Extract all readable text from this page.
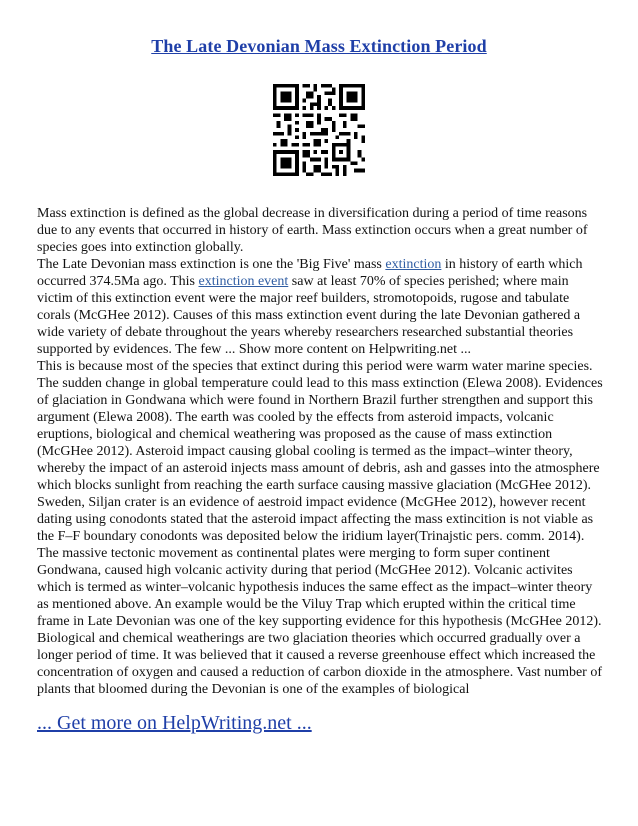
The Late Devonian Mass Extinction Period

Mass extinction is defined as the global decrease in diversification during a period of time reasons due to any events that occurred in history of earth. Mass extinction occurs when a great number of species goes into extinction globally.

The Late Devonian mass extinction is one the 'Big Five' mass extinction in history of earth which occurred 374.5Ma ago. This extinction event saw at least 70% of species perished; where main victim of this extinction event were the major reef builders, stromotopoids, rugose and tabulate corals (McGHee 2012). Causes of this mass extinction event during the late Devonian gathered a wide variety of debate throughout the years whereby researchers researched substantial theories supported by evidences. The few ... Show more content on Helpwriting.net ...

This is because most of the species that extinct during this period were warm water marine species. The sudden change in global temperature could lead to this mass extinction (Elewa 2008). Evidences of glaciation in Gondwana which were found in Northern Brazil further strengthen and support this argument (Elewa 2008). The earth was cooled by the effects from asteroid impacts, volcanic eruptions, biological and chemical weathering was proposed as the cause of mass extinction (McGHee 2012). Asteroid impact causing global cooling is termed as the impact–winter theory, whereby the impact of an asteroid injects mass amount of debris, ash and gasses into the atmosphere which blocks sunlight from reaching the earth surface causing massive glaciation (McGHee 2012). Sweden, Siljan crater is an evidence of aestroid impact evidence (McGHee 2012), however recent dating using conodonts stated that the asteroid impact affecting the mass extincition is not viable as the F–F boundary conodonts was deposited below the iridium layer(Trinajstic pers. comm. 2014). The massive tectonic movement as continental plates were merging to form super continent Gondwana, caused high volcanic activity during that period (McGHee 2012). Volcanic activites which is termed as winter–volcanic hypothesis induces the same effect as the impact–winter theory as mentioned above. An example would be the Viluy Trap which erupted within the critical time frame in Late Devonian was one of the key supporting evidence for this hypothesis (McGHee 2012). Biological and chemical weatherings are two glaciation theories which occurred gradually over a longer period of time. It was believed that it caused a reverse greenhouse effect which increased the concentration of oxygen and caused a reduction of carbon dioxide in the atmosphere. Vast number of plants that bloomed during the Devonian is one of the examples of biological

... Get more on HelpWriting.net ...
